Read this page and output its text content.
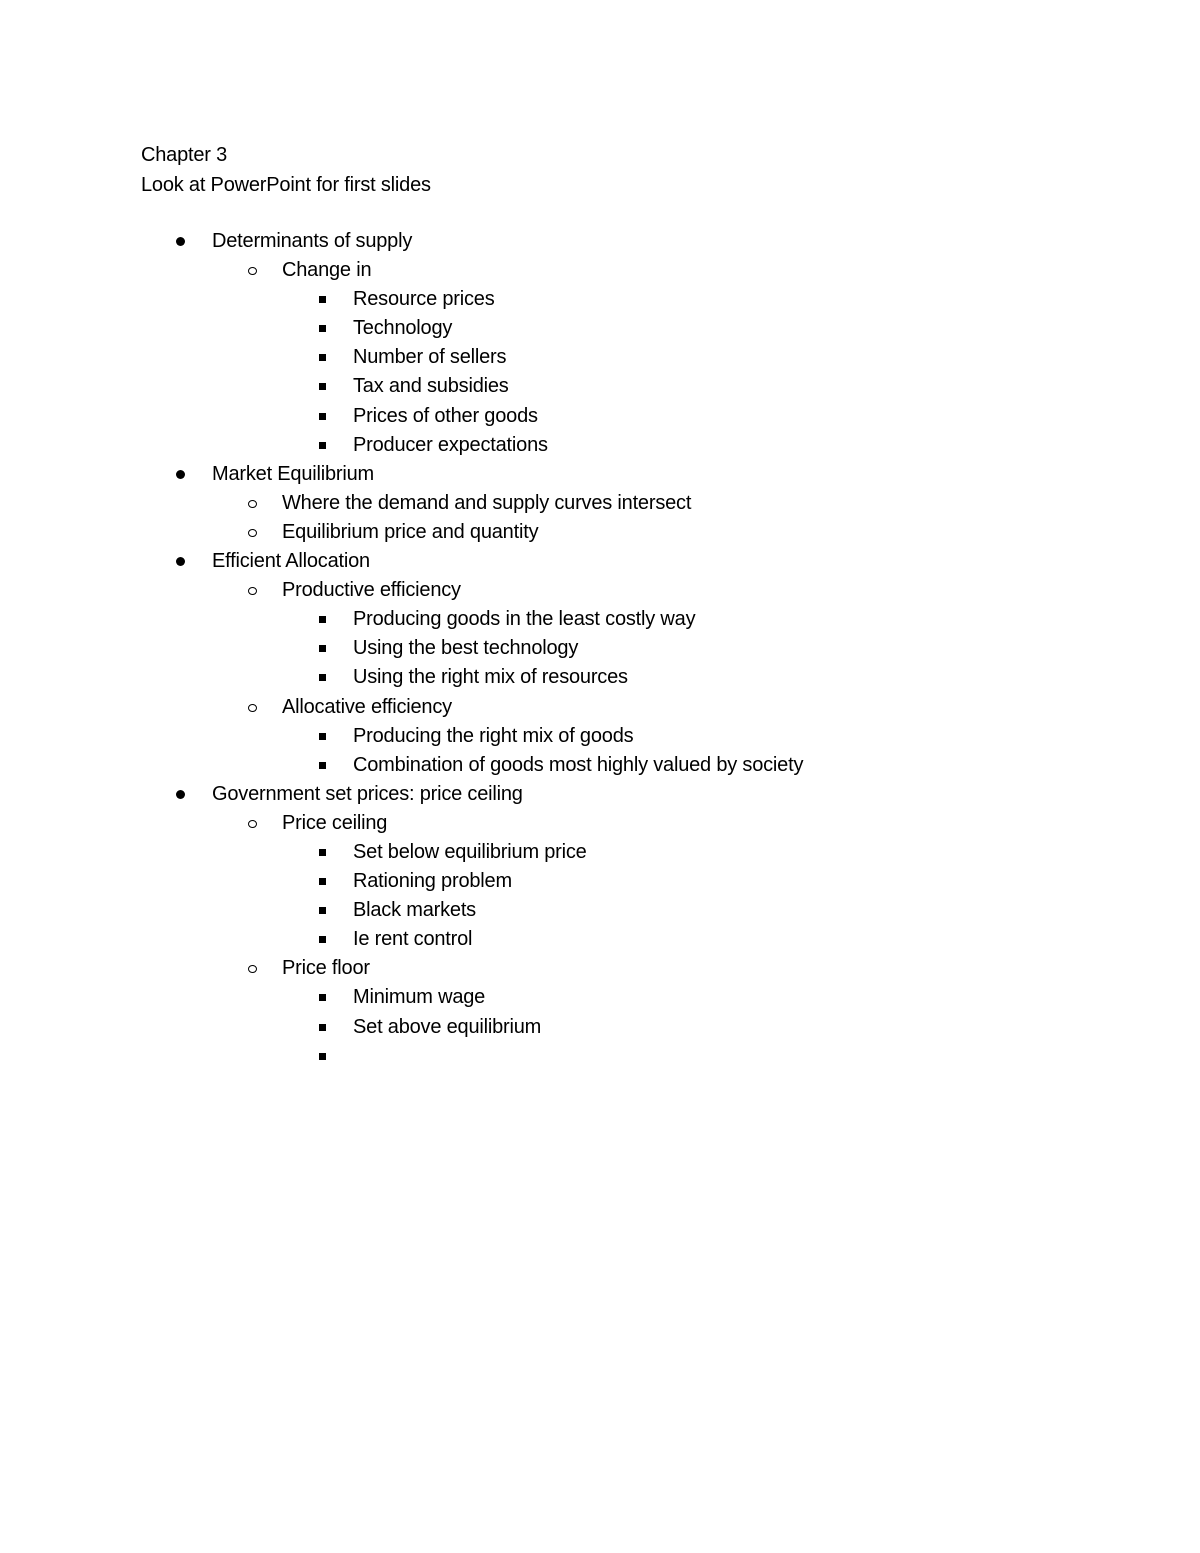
Chapter 3
Look at PowerPoint for first slides
Determinants of supply
Change in
Resource prices
Technology
Number of sellers
Tax and subsidies
Prices of other goods
Producer expectations
Market Equilibrium
Where the demand and supply curves intersect
Equilibrium price and quantity
Efficient Allocation
Productive efficiency
Producing goods in the least costly way
Using the best technology
Using the right mix of resources
Allocative efficiency
Producing the right mix of goods
Combination of goods most highly valued by society
Government set prices: price ceiling
Price ceiling
Set below equilibrium price
Rationing problem
Black markets
Ie rent control
Price floor
Minimum wage
Set above equilibrium
